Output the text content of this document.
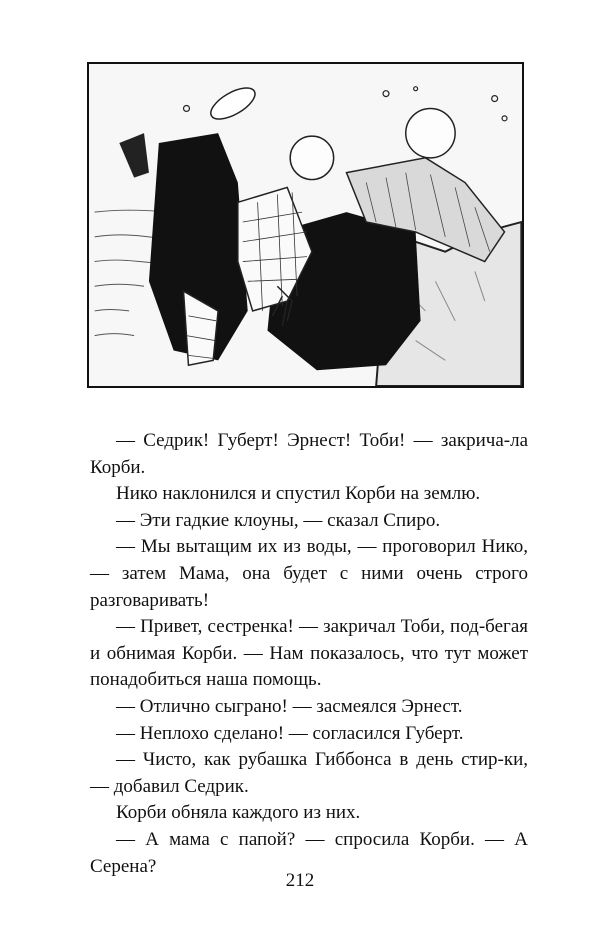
— Седрик! Губерт! Эрнест! Тоби! — закрича-ла Корби.

Нико наклонился и спустил Корби на землю.

— Эти гадкие клоуны, — сказал Спиро.

— Мы вытащим их из воды, — проговорил Нико, — затем Мама, она будет с ними очень строго разговаривать!

— Привет, сестренка! — закричал Тоби, под-бегая и обнимая Корби. — Нам показалось, что тут может понадобиться наша помощь.

— Отлично сыграно! — засмеялся Эрнест.

— Неплохо сделано! — согласился Губерт.

— Чисто, как рубашка Гиббонса в день стир-ки, — добавил Седрик.

Корби обняла каждого из них.

— А мама с папой? — спросила Корби. — А Серена?

212
